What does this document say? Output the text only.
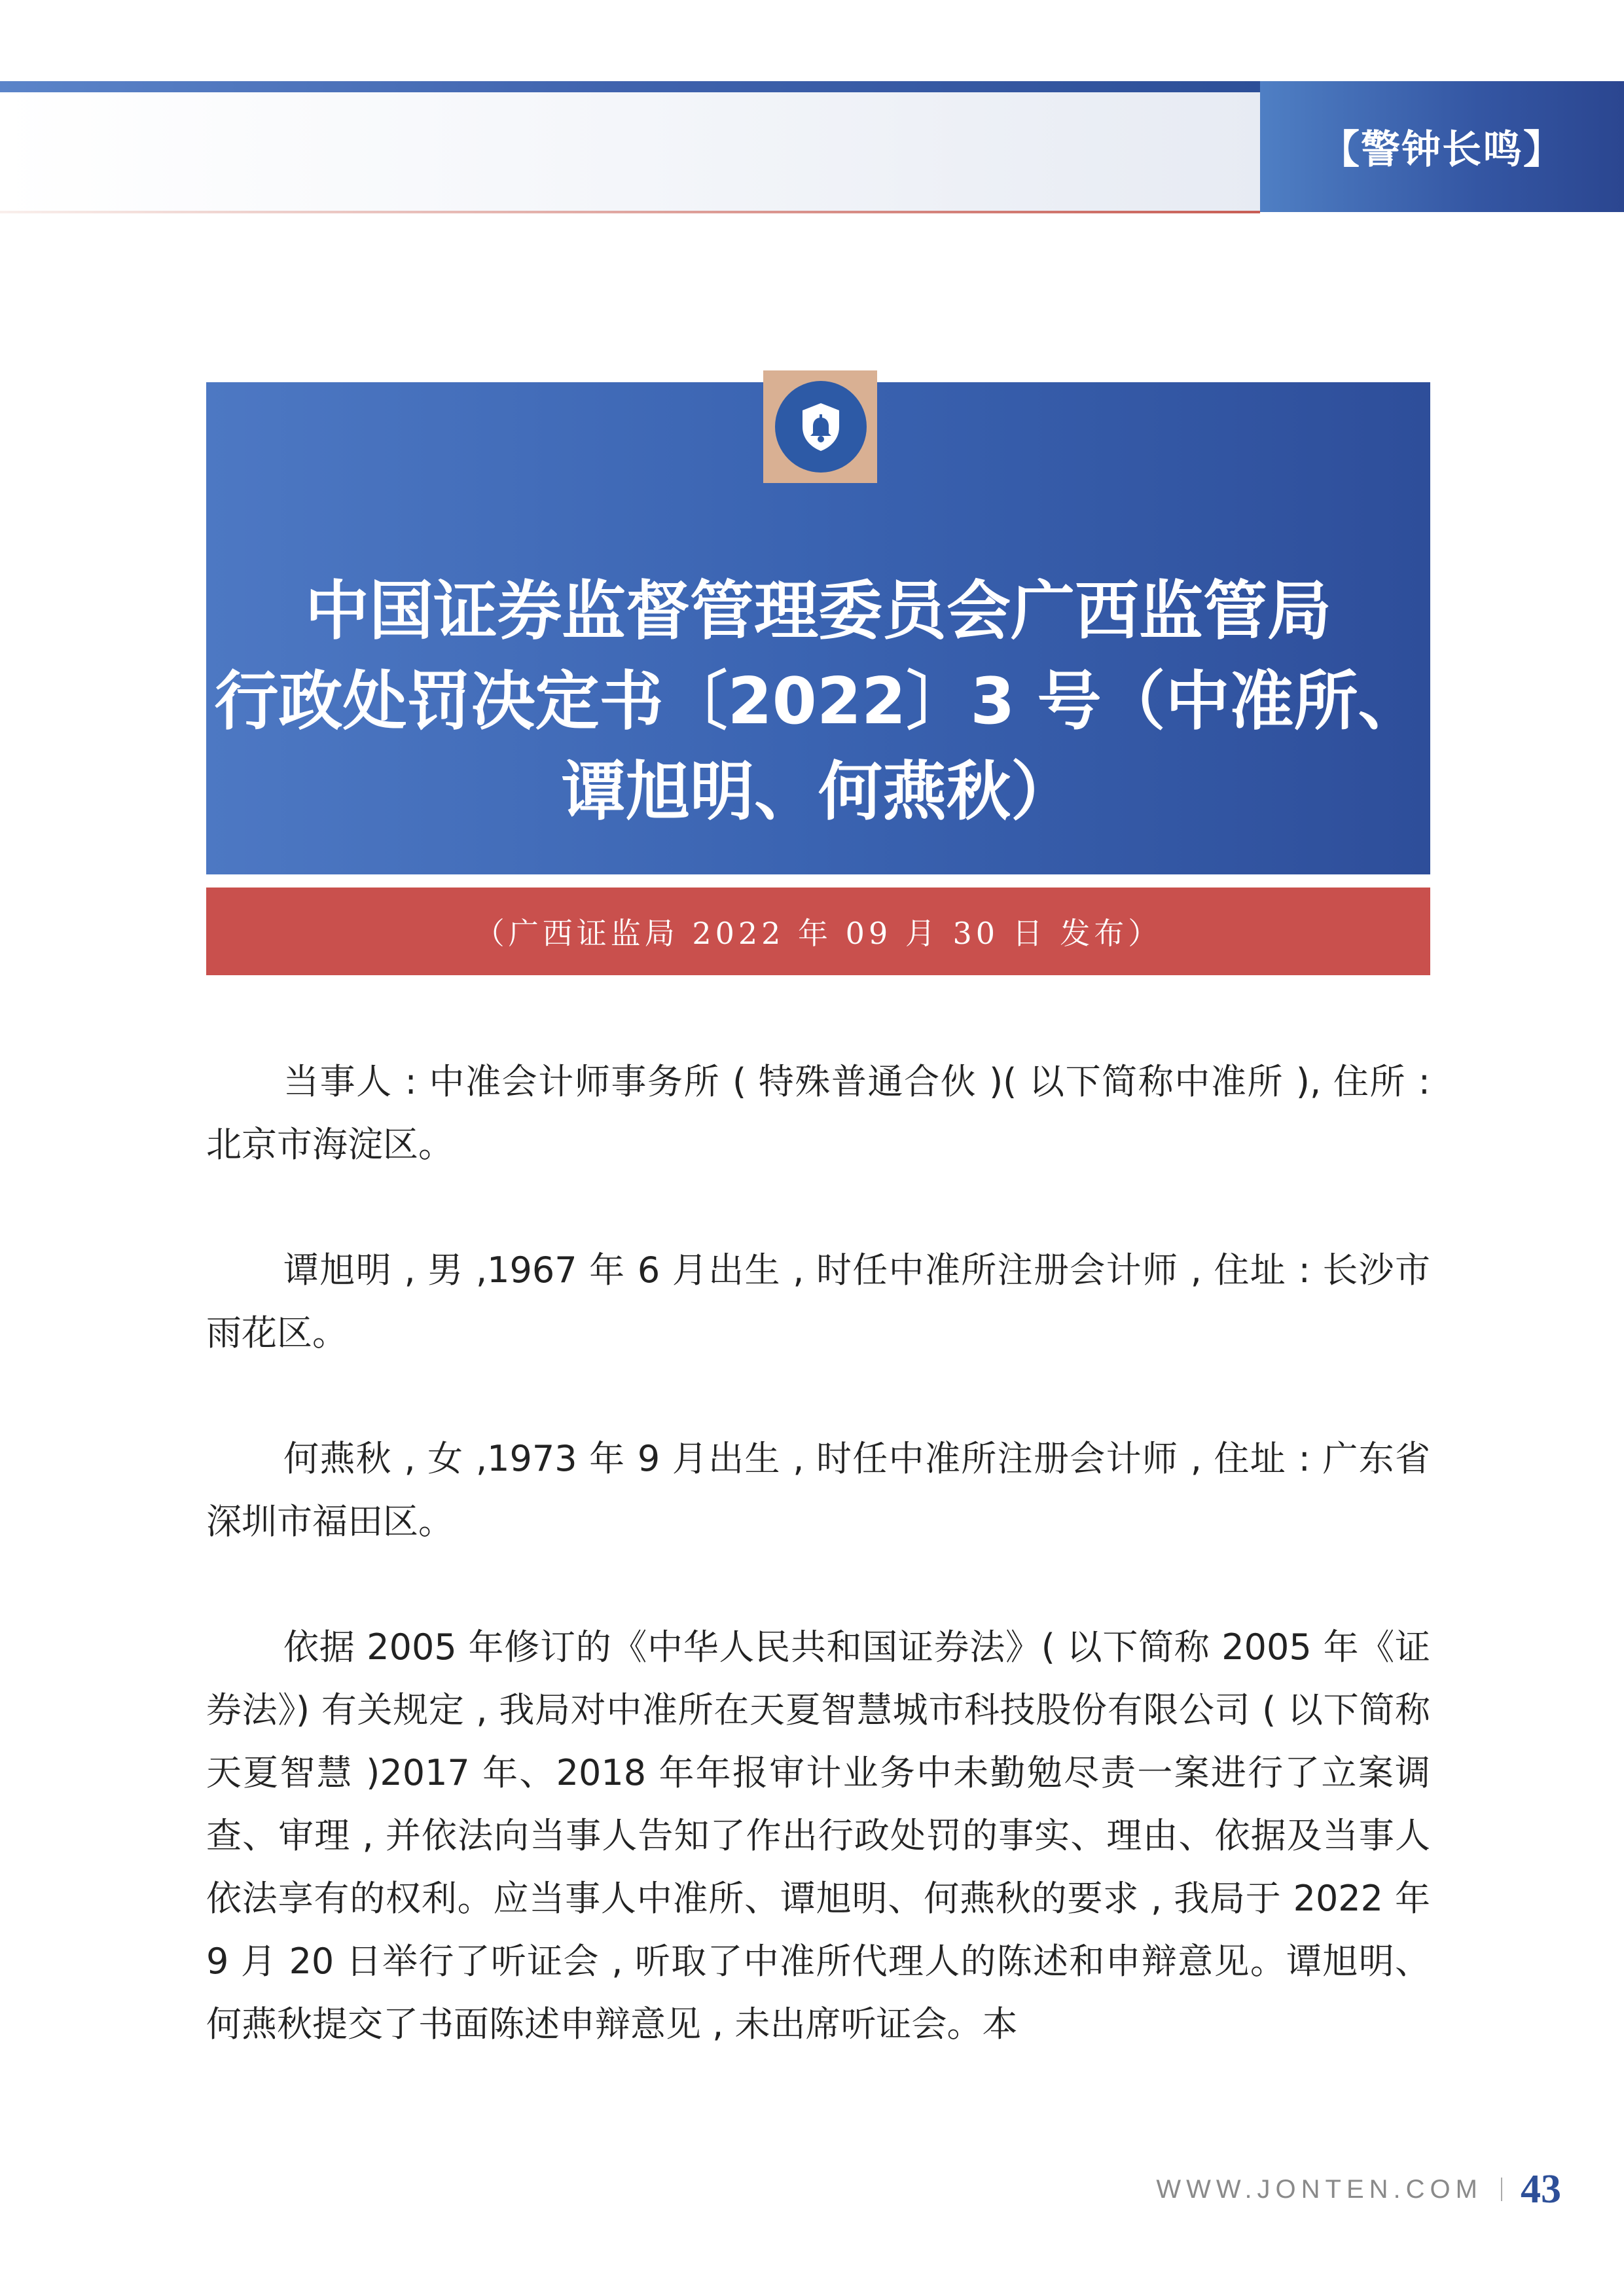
【警钟长鸣】
中国证券监督管理委员会广西监管局
行政处罚决定书〔2022〕3 号（中准所、
谭旭明、何燕秋）
（广西证监局 2022 年 09 月 30 日 发布）

当事人 : 中准会计师事务所 ( 特殊普通合伙 )( 以下简称中准所 ), 住所 : 北京市海淀区。

谭旭明 , 男 ,1967 年 6 月出生 , 时任中准所注册会计师 , 住址 : 长沙市雨花区。

何燕秋 , 女 ,1973 年 9 月出生 , 时任中准所注册会计师 , 住址 : 广东省深圳市福田区。

依据 2005 年修订的《中华人民共和国证券法》( 以下简称 2005 年《证券法》) 有关规定 , 我局对中准所在天夏智慧城市科技股份有限公司 ( 以下简称天夏智慧 )2017 年、2018 年年报审计业务中未勤勉尽责一案进行了立案调查、审理 , 并依法向当事人告知了作出行政处罚的事实、理由、依据及当事人依法享有的权利。应当事人中准所、谭旭明、何燕秋的要求 , 我局于 2022 年 9 月 20 日举行了听证会 , 听取了中准所代理人的陈述和申辩意见。谭旭明、何燕秋提交了书面陈述申辩意见 , 未出席听证会。本

WWW.JONTEN.COM 43
